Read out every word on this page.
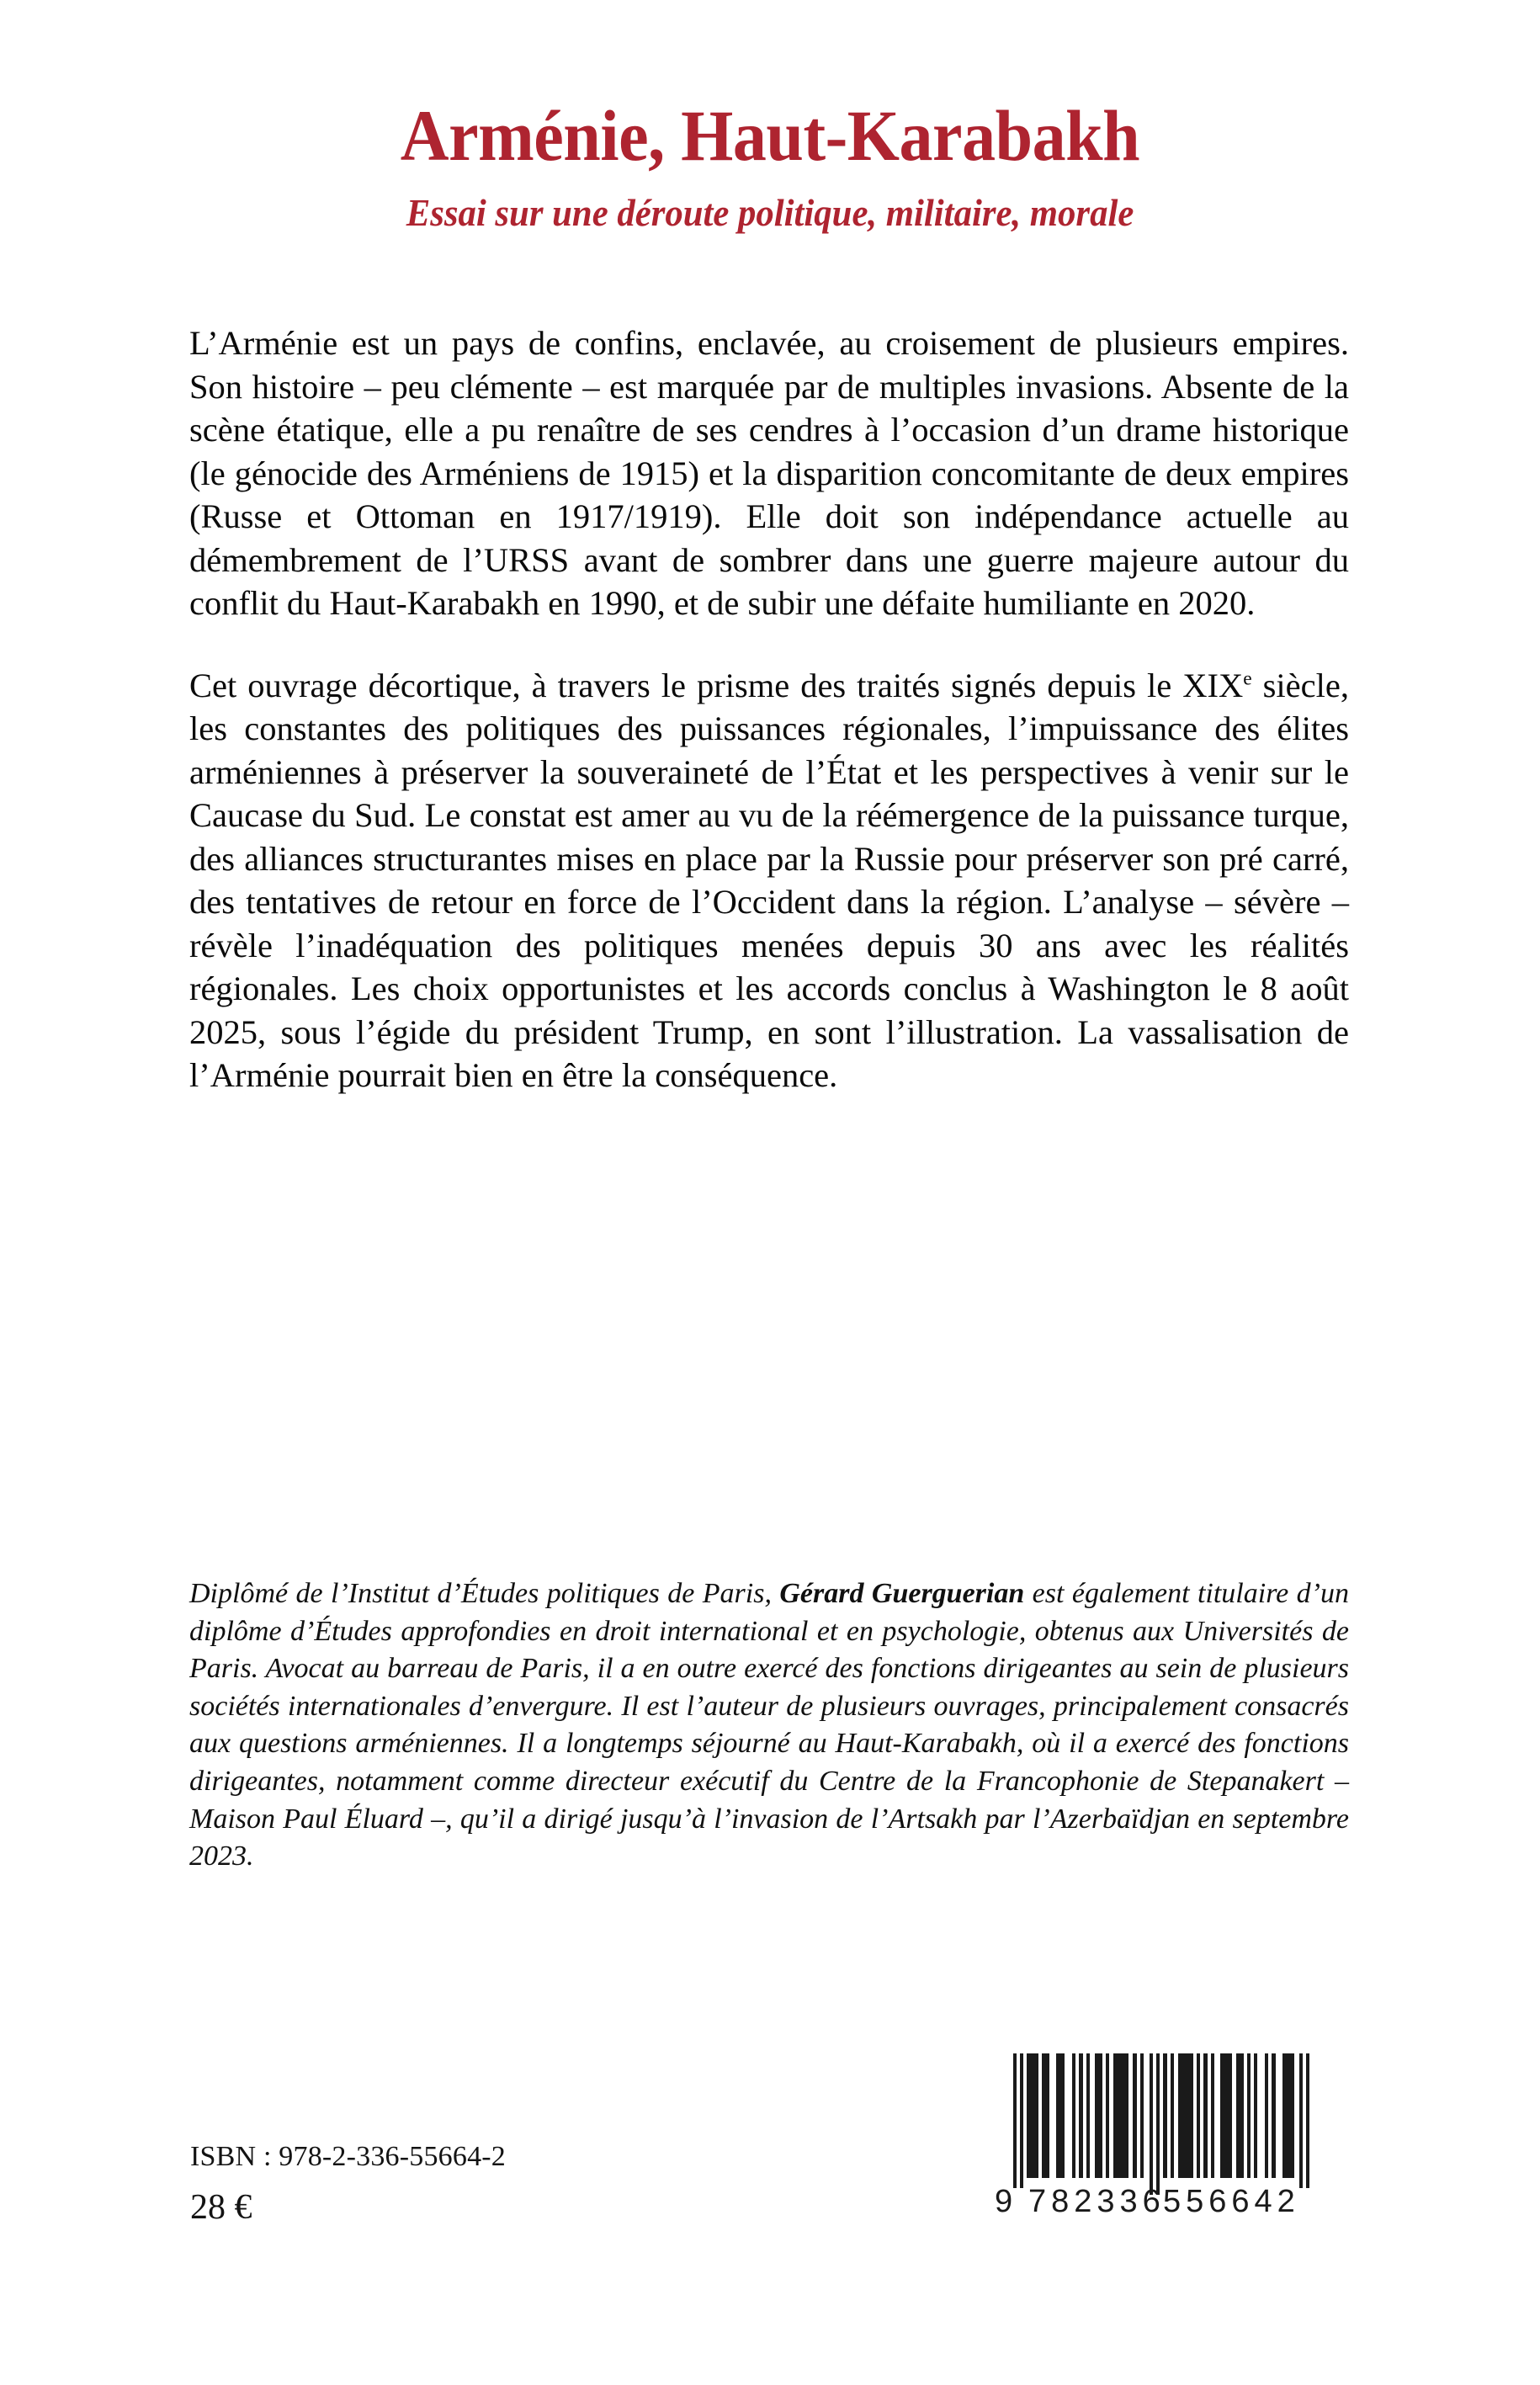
Arménie, Haut-Karabakh
Essai sur une déroute politique, militaire, morale

L’Arménie est un pays de confins, enclavée, au croisement de plusieurs empires. Son histoire – peu clémente – est marquée par de multiples invasions. Absente de la scène étatique, elle a pu renaître de ses cendres à l’occasion d’un drame historique (le génocide des Arméniens de 1915) et la disparition concomitante de deux empires (Russe et Ottoman en 1917/1919). Elle doit son indépendance actuelle au démembrement de l’URSS avant de sombrer dans une guerre majeure autour du conflit du Haut-Karabakh en 1990, et de subir une défaite humiliante en 2020.

Cet ouvrage décortique, à travers le prisme des traités signés depuis le XIXe siècle, les constantes des politiques des puissances régionales, l’impuissance des élites arméniennes à préserver la souveraineté de l’État et les perspectives à venir sur le Caucase du Sud. Le constat est amer au vu de la réémergence de la puissance turque, des alliances structurantes mises en place par la Russie pour préserver son pré carré, des tentatives de retour en force de l’Occident dans la région. L’analyse – sévère – révèle l’inadéquation des politiques menées depuis 30 ans avec les réalités régionales. Les choix opportunistes et les accords conclus à Washington le 8 août 2025, sous l’égide du président Trump, en sont l’illustration. La vassalisation de l’Arménie pourrait bien en être la conséquence.

Diplômé de l’Institut d’Études politiques de Paris, Gérard Guerguerian est également titulaire d’un diplôme d’Études approfondies en droit international et en psychologie, obtenus aux Universités de Paris. Avocat au barreau de Paris, il a en outre exercé des fonctions dirigeantes au sein de plusieurs sociétés internationales d’envergure. Il est l’auteur de plusieurs ouvrages, principalement consacrés aux questions arméniennes. Il a longtemps séjourné au Haut-Karabakh, où il a exercé des fonctions dirigeantes, notamment comme directeur exécutif du Centre de la Francophonie de Stepanakert – Maison Paul Éluard –, qu’il a dirigé jusqu’à l’invasion de l’Artsakh par l’Azerbaïdjan en septembre 2023.

ISBN : 978-2-336-55664-2
28 €	9 782336
556642
